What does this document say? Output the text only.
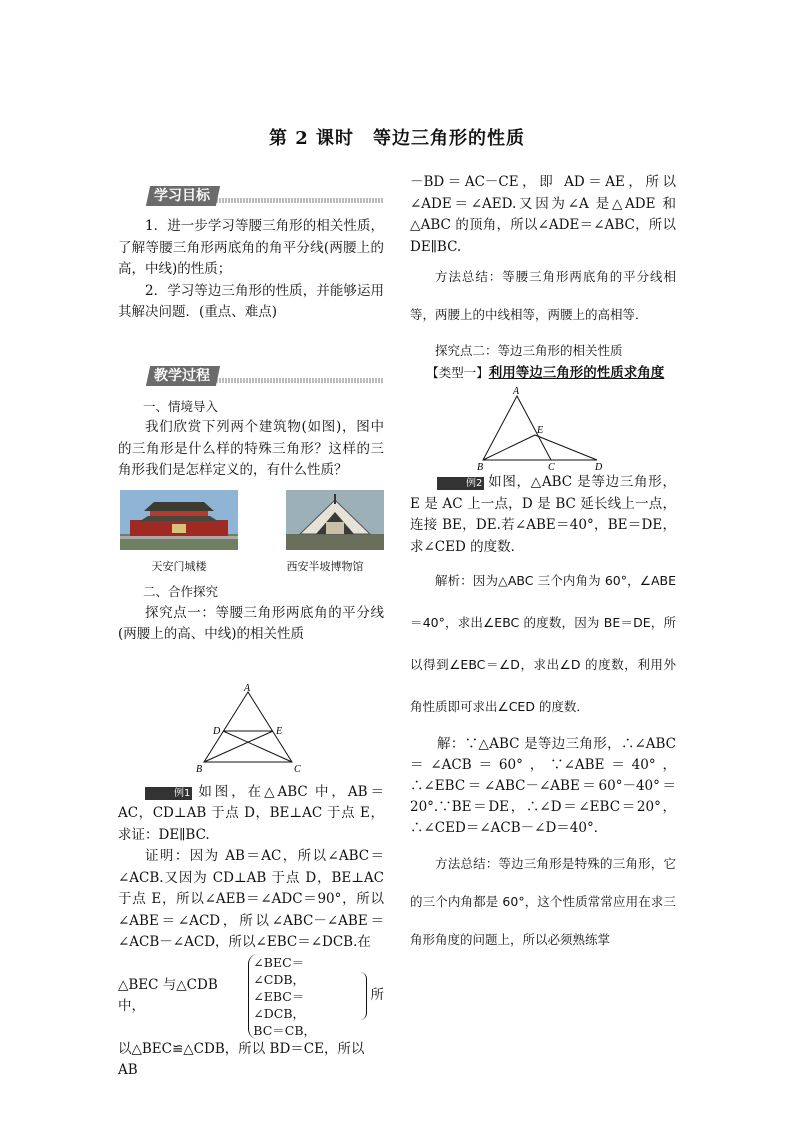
第 2 课时　等边三角形的性质
学习目标

1．进一步学习等腰三角形的相关性质，了解等腰三角形两底角的角平分线(两腰上的高，中线)的性质；

2．学习等边三角形的性质，并能够运用其解决问题．(重点、难点)

教学过程

一、情境导入

我们欣赏下列两个建筑物(如图)，图中的三角形是什么样的特殊三角形？这样的三角形我们是怎样定义的，有什么性质？

天安门城楼	西安半坡博物馆

二、合作探究

探究点一：等腰三角形两底角的平分线(两腰上的高、中线)的相关性质

A
B	C
D	E

例1 如图，在△ABC 中，AB＝AC，CD⊥AB 于点 D，BE⊥AC 于点 E，求证：DE∥BC.

证明：因为 AB＝AC，所以∠ABC＝∠ACB.又因为 CD⊥AB 于点 D，BE⊥AC 于点 E，所以∠AEB＝∠ADC＝90°，所以∠ABE＝∠ACD，所以∠ABC－∠ABE＝∠ACB－∠ACD，所以∠EBC＝∠DCB.在

△BEC 与△CDB 中，
∠BEC＝∠CDB，
∠EBC＝∠DCB，
BC＝CB，
所

以△BEC≌△CDB，所以 BD＝CE，所以 AB

－BD＝AC－CE，即 AD＝AE，所以∠ADE＝∠AED.又因为∠A 是△ADE 和△ABC 的顶角，所以∠ADE＝∠ABC，所以 DE∥BC.

方法总结：等腰三角形两底角的平分线相等，两腰上的中线相等，两腰上的高相等．

探究点二：等边三角形的相关性质

【类型一】利用等边三角形的性质求角度

A
B	C	D
E

例2 如图，△ABC 是等边三角形，E 是 AC 上一点，D 是 BC 延长线上一点，连接 BE，DE.若∠ABE＝40°，BE＝DE，求∠CED 的度数．

解析：因为△ABC 三个内角为 60°，∠ABE＝40°，求出∠EBC 的度数，因为 BE＝DE，所以得到∠EBC＝∠D，求出∠D 的度数，利用外角性质即可求出∠CED 的度数．

解：∵△ABC 是等边三角形，∴∠ABC＝∠ACB＝60°，∵∠ABE＝40°，∴∠EBC＝∠ABC－∠ABE＝60°－40°＝20°.∵BE＝DE，∴∠D＝∠EBC＝20°，∴∠CED＝∠ACB－∠D＝40°．

方法总结：等边三角形是特殊的三角形，它的三个内角都是 60°，这个性质常常应用在求三角形角度的问题上，所以必须熟练掌
